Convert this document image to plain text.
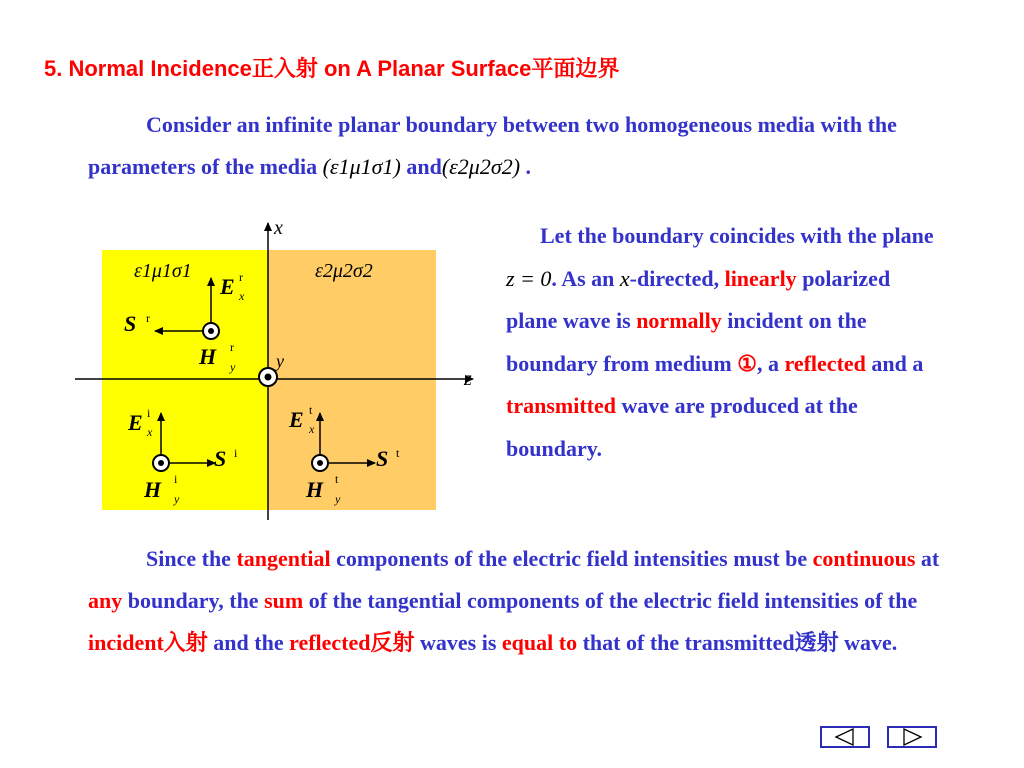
5. Normal Incidence正入射 on A Planar Surface平面边界
Consider an infinite planar boundary between two homogeneous media with the parameters of the media (ε1μ1σ1) and(ε2μ2σ2) .
Let the boundary coincides with the plane z = 0. As an x-directed, linearly polarized plane wave is normally incident on the boundary from medium ①, a reflected and a transmitted wave are produced at the boundary.
Since the tangential components of the electric field intensities must be continuous at any boundary, the sum of the tangential components of the electric field intensities of the incident入射 and the reflected反射 waves is equal to that of the transmitted透射 wave.
x
z
y
ε1μ1σ1	ε2μ2σ2
E r
x
S r
H r
y
E i
x
S i
H i
y
E t
x
S t
H t
y
